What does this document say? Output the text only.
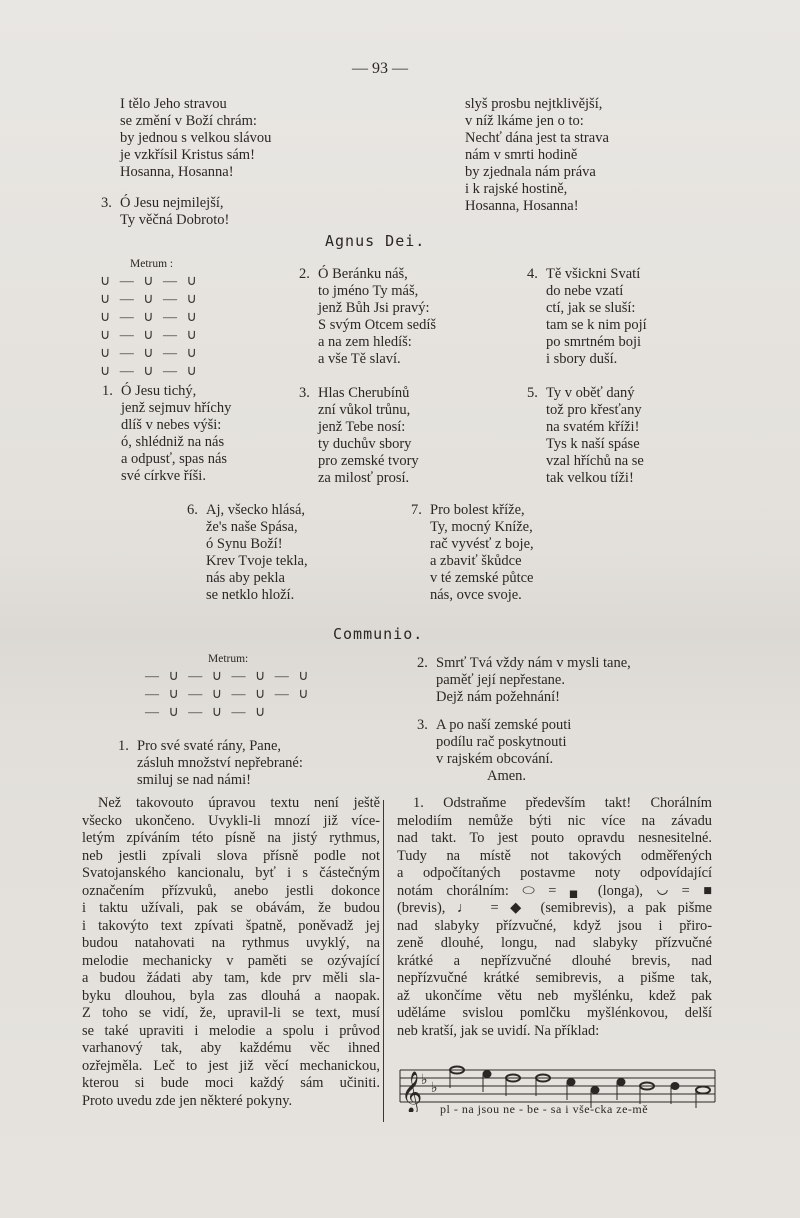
— 93 —
I tělo Jeho stravou
se změní v Boží chrám:
by jednou s velkou slávou
je vzkřísil Kristus sám!
Hosanna, Hosanna!
3. Ó Jesu nejmilejší,
Ty věčná Dobroto!
slyš prosbu nejtklivější,
v níž lkáme jen o to:
Nechť dána jest ta strava
nám v smrti hodině
by zjednala nám práva
i k rajské hostině,
Hosanna, Hosanna!
Agnus Dei.
Metrum :
∪ — ∪ — ∪
∪ — ∪ — ∪
∪ — ∪ — ∪
∪ — ∪ — ∪
∪ — ∪ — ∪
∪ — ∪ — ∪
1. Ó Jesu tichý,
jenž sejmuv hříchy
dlíš v nebes výši:
ó, shlédniž na nás
a odpusť, spas nás
své církve říši.
2. Ó Beránku náš,
to jméno Ty máš,
jenž Bůh Jsi pravý:
S svým Otcem sedíš
a na zem hledíš:
a vše Tě slaví.
3. Hlas Cherubínů
zní vůkol trůnu,
jenž Tebe nosí:
ty duchův sbory
pro zemské tvory
za milosť prosí.
4. Tě všickni Svatí
do nebe vzatí
ctí, jak se sluší:
tam se k nim pojí
po smrtném boji
i sbory duší.
5. Ty v oběť daný
tož pro křesťany
na svatém kříži!
Tys k naší spáse
vzal hříchů na se
tak velkou tíži!
6. Aj, všecko hlásá,
že's naše Spása,
ó Synu Boží!
Krev Tvoje tekla,
nás aby pekla
se netklo hloží.
7. Pro bolest kříže,
Ty, mocný Kníže,
rač vyvésť z boje,
a zbaviť škůdce
v té zemské půtce
nás, ovce svoje.
Communio.
Metrum:
— ∪ — ∪ — ∪ — ∪
— ∪ — ∪ — ∪ — ∪
— ∪ — ∪ — ∪
1. Pro své svaté rány, Pane,
zásluh množství nepřebrané:
smiluj se nad námi!
2. Smrť Tvá vždy nám v mysli tane,
paměť její nepřestane.
Dejž nám požehnání!
3. A po naší zemské pouti
podílu rač poskytnouti
v rajském obcování.
Amen.
Než takovouto úpravou textu není ještě
všecko ukončeno. Uvykli-li mnozí již více-
letým zpíváním této písně na jistý rythmus,
neb jestli zpívali slova přísně podle not
Svatojanského kancionalu, byť i s částečným
označením přízvuků, anebo jestli dokonce
i taktu užívali, pak se obávám, že budou
i takovýto text zpívati špatně, poněvadž jej
budou natahovati na rythmus uvyklý, na
melodie mechanicky v paměti se ozývající
a budou žádati aby tam, kde prv měli sla-
byku dlouhou, byla zas dlouhá a naopak.
Z toho se vidí, že, upravil-li se text, musí
se také upraviti i melodie a spolu i průvod
varhanový tak, aby každému věc ihned
ozřejměla. Leč to jest již věcí mechanickou,
kterou si bude moci každý sám učiniti.
Proto uvedu zde jen některé pokyny.
1. Odstraňme především takt! Chorálním
melodiím nemůže býti nic více na závadu
nad takt. To jest pouto opravdu nesnesitelné.
Tudy na místě not takových odměřených
a odpočítaných postavme noty odpovídající
notám chorálním: ⬭ = ▖ (longa), ◡ = ■
(brevis), ♩ = ◆ (semibrevis), a pak pišme
nad slabyky přízvučné, když jsou i přiro-
zeně dlouhé, longu, nad slabyky přízvučné
krátké a nepřízvučné dlouhé brevis, nad
nepřízvučné krátké semibrevis, a pišme tak,
až ukončíme větu neb myšlénku, kdež pak
uděláme svislou pomlčku myšlénkovou, delší
neb kratší, jak se uvidí. Na příklad:
𝄞
♭ ♭
pl - na jsou ne - be - sa i vše-cka ze-mě
